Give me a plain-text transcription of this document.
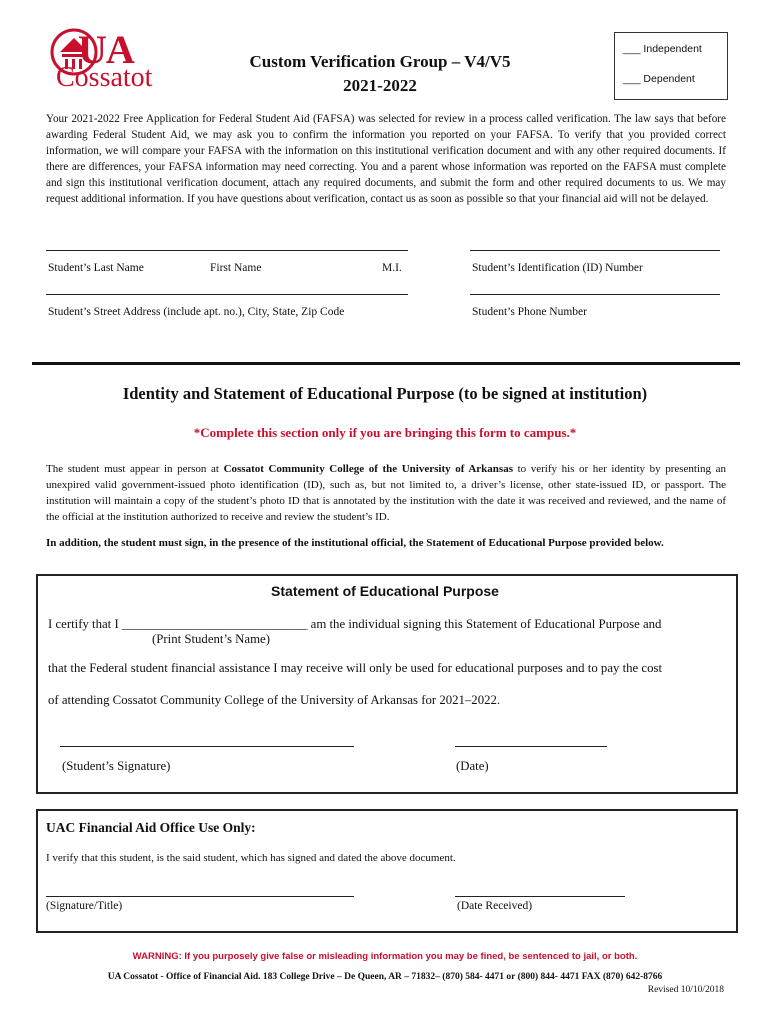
UA
Cossatot
Custom Verification Group – V4/V5
2021-2022
___ Independent
___ Dependent
Your 2021-2022 Free Application for Federal Student Aid (FAFSA) was selected for review in a process called verification. The law says that before awarding Federal Student Aid, we may ask you to confirm the information you reported on your FAFSA. To verify that you provided correct information, we will compare your FAFSA with the information on this institutional verification document and with any other required documents. If there are differences, your FAFSA information may need correcting. You and a parent whose information was reported on the FAFSA must complete and sign this institutional verification document, attach any required documents, and submit the form and other required documents to us. We may request additional information. If you have questions about verification, contact us as soon as possible so that your financial aid will not be delayed.
Student’s Last Name	First Name	M.I.	Student’s Identification (ID) Number
Student’s Street Address (include apt. no.), City, State, Zip Code	Student’s Phone Number
Identity and Statement of Educational Purpose (to be signed at institution)
*Complete this section only if you are bringing this form to campus.*
The student must appear in person at Cossatot Community College of the University of Arkansas to verify his or her identity by presenting an unexpired valid government-issued photo identification (ID), such as, but not limited to, a driver’s license, other state-issued ID, or passport. The institution will maintain a copy of the student’s photo ID that is annotated by the institution with the date it was received and reviewed, and the name of the official at the institution authorized to receive and review the student’s ID.
In addition, the student must sign, in the presence of the institutional official, the Statement of Educational Purpose provided below.
Statement of Educational Purpose
I certify that I _____________________________ am the individual signing this Statement of Educational Purpose and
(Print Student’s Name)
that the Federal student financial assistance I may receive will only be used for educational purposes and to pay the cost
of attending Cossatot Community College of the University of Arkansas for 2021–2022.
(Student’s Signature)	(Date)
UAC Financial Aid Office Use Only:
I verify that this student, is the said student, which has signed and dated the above document.
(Signature/Title)	(Date Received)
WARNING: If you purposely give false or misleading information you may be fined, be sentenced to jail, or both.
UA Cossatot - Office of Financial Aid. 183 College Drive – De Queen, AR – 71832– (870) 584- 4471 or (800) 844- 4471 FAX (870) 642-8766
Revised 10/10/2018
